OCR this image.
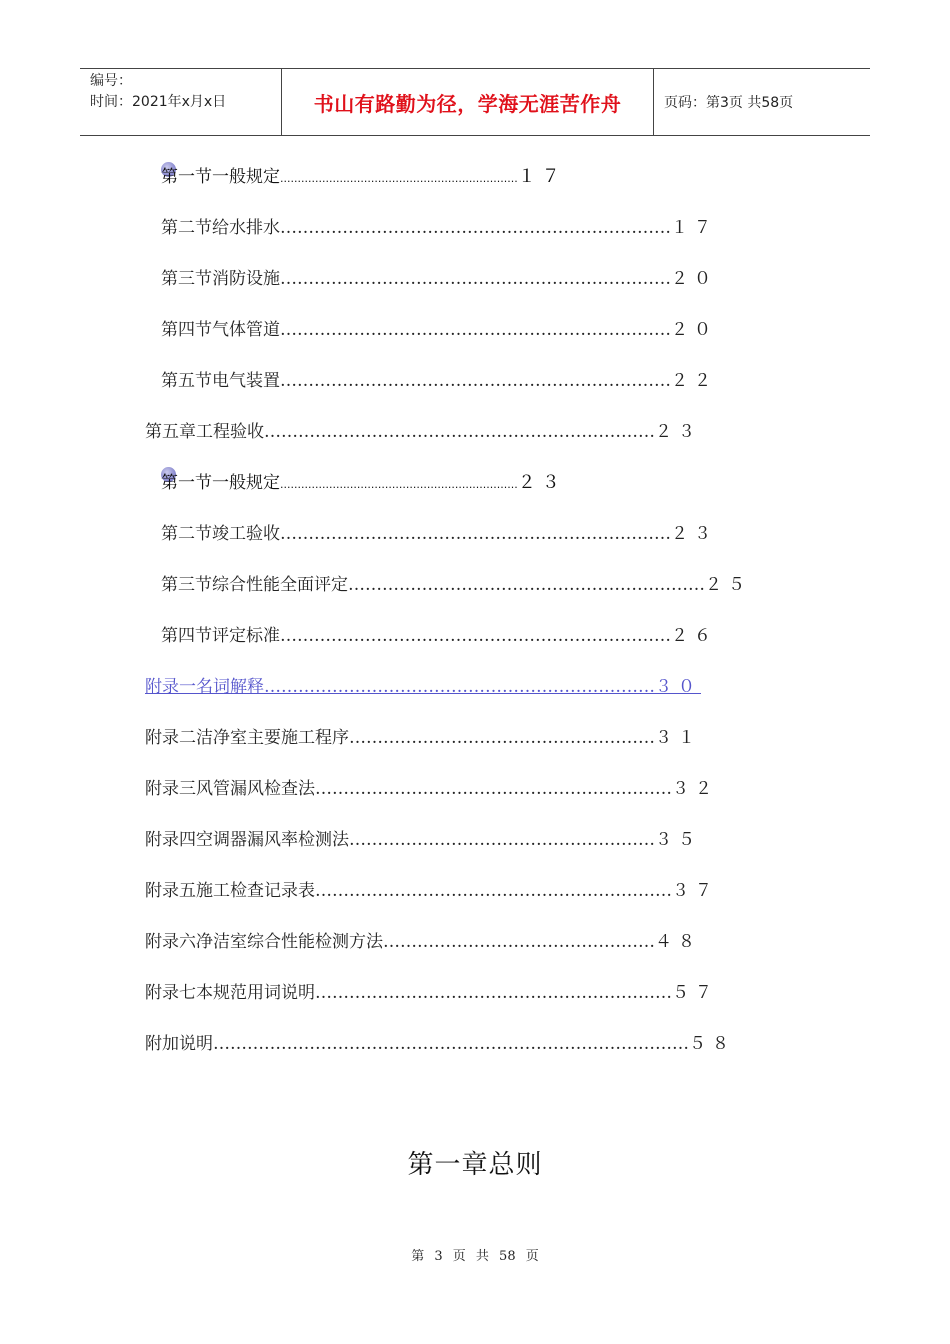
编号：
时间：2021年x月x日	书山有路勤为径，学海无涯苦作舟	页码：第3页 共58页
第一节一般规定....................................................................１７
第二节给水排水……………………………………………………………１７
第三节消防设施……………………………………………………………２０
第四节气体管道……………………………………………………………２０
第五节电气装置……………………………………………………………２２
第五章工程验收……………………………………………………………２３
第一节一般规定....................................................................２３
第二节竣工验收……………………………………………………………２３
第三节综合性能全面评定………………………………………………………２５
第四节评定标准……………………………………………………………２６
附录一名词解释……………………………………………………………３０
附录二洁净室主要施工程序………………………………………………３１
附录三风管漏风检查法………………………………………………………３２
附录四空调器漏风率检测法………………………………………………３５
附录五施工检查记录表………………………………………………………３７
附录六净洁室综合性能检测方法…………………………………………４８
附录七本规范用词说明………………………………………………………５７
附加说明…………………………………………………………………………５８
第一章总则
第 3 页 共 58 页
